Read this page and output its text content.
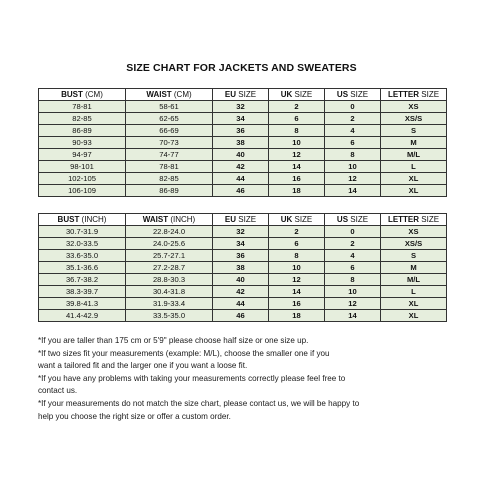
SIZE CHART FOR JACKETS AND SWEATERS
BUST (CM)	WAIST (CM)	EU SIZE	UK SIZE	US SIZE	LETTER SIZE
78-81	58-61	32	2	0	XS
82-85	62-65	34	6	2	XS/S
86-89	66-69	36	8	4	S
90-93	70-73	38	10	6	M
94-97	74-77	40	12	8	M/L
98-101	78-81	42	14	10	L
102-105	82-85	44	16	12	XL
106-109	86-89	46	18	14	XL
BUST (INCH)	WAIST (INCH)	EU SIZE	UK SIZE	US SIZE	LETTER SIZE
30.7-31.9	22.8-24.0	32	2	0	XS
32.0-33.5	24.0-25.6	34	6	2	XS/S
33.6-35.0	25.7-27.1	36	8	4	S
35.1-36.6	27.2-28.7	38	10	6	M
36.7-38.2	28.8-30.3	40	12	8	M/L
38.3-39.7	30.4-31.8	42	14	10	L
39.8-41.3	31.9-33.4	44	16	12	XL
41.4-42.9	33.5-35.0	46	18	14	XL

*If you are taller than 175 cm or 5'9" please choose half size or one size up.

*If two sizes fit your measurements (example: M/L), choose the smaller one if you

want a tailored fit and the larger one if you want a loose fit.

*If you have any problems with taking your measurements correctly please feel free to

contact us.

*If your measurements do not match the size chart, please contact us, we will be happy to

help you choose the right size or offer a custom order.
